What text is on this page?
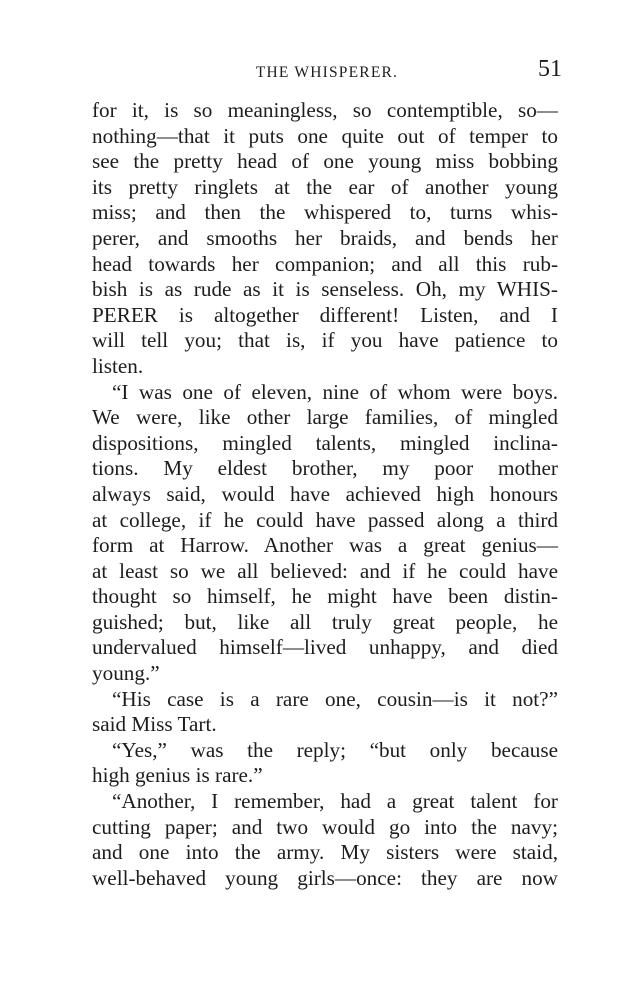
THE WHISPERER.	51
for it, is so meaningless, so contemptible, so—
nothing—that it puts one quite out of temper to
see the pretty head of one young miss bobbing
its pretty ringlets at the ear of another young
miss; and then the whispered to, turns whis-
perer, and smooths her braids, and bends her
head towards her companion; and all this rub-
bish is as rude as it is senseless. Oh, my WHIS-
PERER is altogether different! Listen, and I
will tell you; that is, if you have patience to
listen.
“I was one of eleven, nine of whom were boys.
We were, like other large families, of mingled
dispositions, mingled talents, mingled inclina-
tions. My eldest brother, my poor mother
always said, would have achieved high honours
at college, if he could have passed along a third
form at Harrow. Another was a great genius—
at least so we all believed: and if he could have
thought so himself, he might have been distin-
guished; but, like all truly great people, he
undervalued himself—lived unhappy, and died
young.”
“His case is a rare one, cousin—is it not?”
said Miss Tart.
“Yes,” was the reply; “but only because
high genius is rare.”
“Another, I remember, had a great talent for
cutting paper; and two would go into the navy;
and one into the army. My sisters were staid,
well-behaved young girls—once: they are now
